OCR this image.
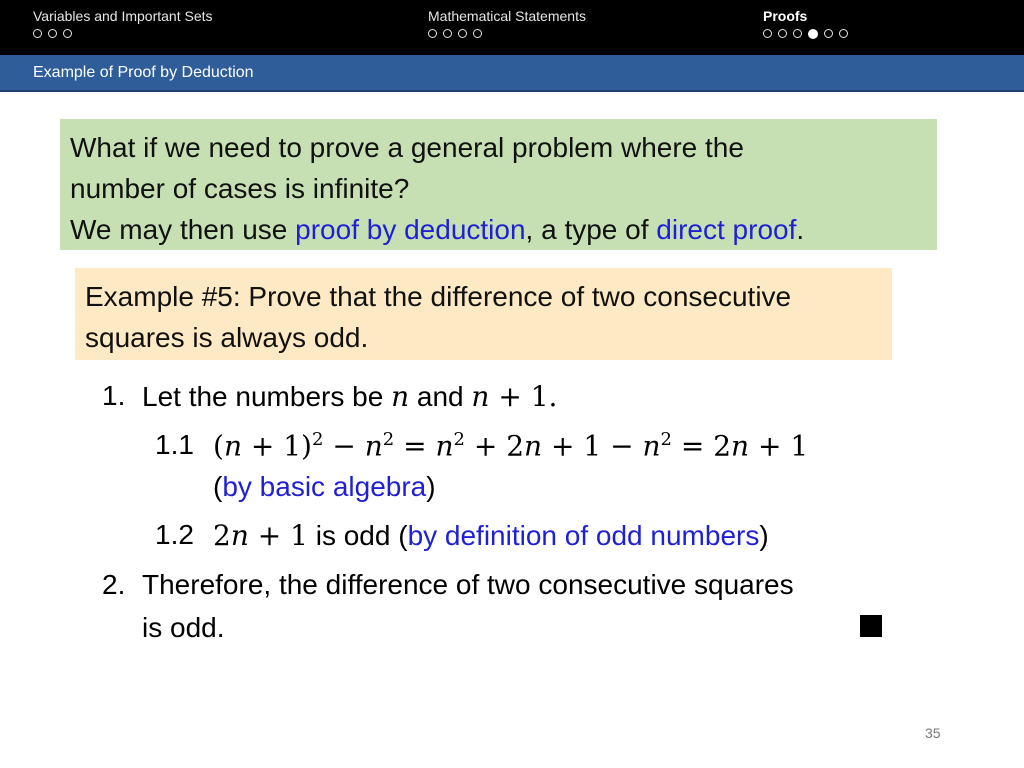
Variables and Important Sets	Mathematical Statements	Proofs
Example of Proof by Deduction
What if we need to prove a general problem where the
number of cases is infinite?
We may then use proof by deduction, a type of direct proof.
Example #5: Prove that the difference of two consecutive
squares is always odd.
1. Let the numbers be n and n + 1.
1.1 $(n + 1)^2 - n^2 = n^2 + 2n + 1 - n^2 = 2n + 1$
(by basic algebra)
1.2 2n + 1 is odd (by definition of odd numbers)
2. Therefore, the difference of two consecutive squares
is odd.
35
